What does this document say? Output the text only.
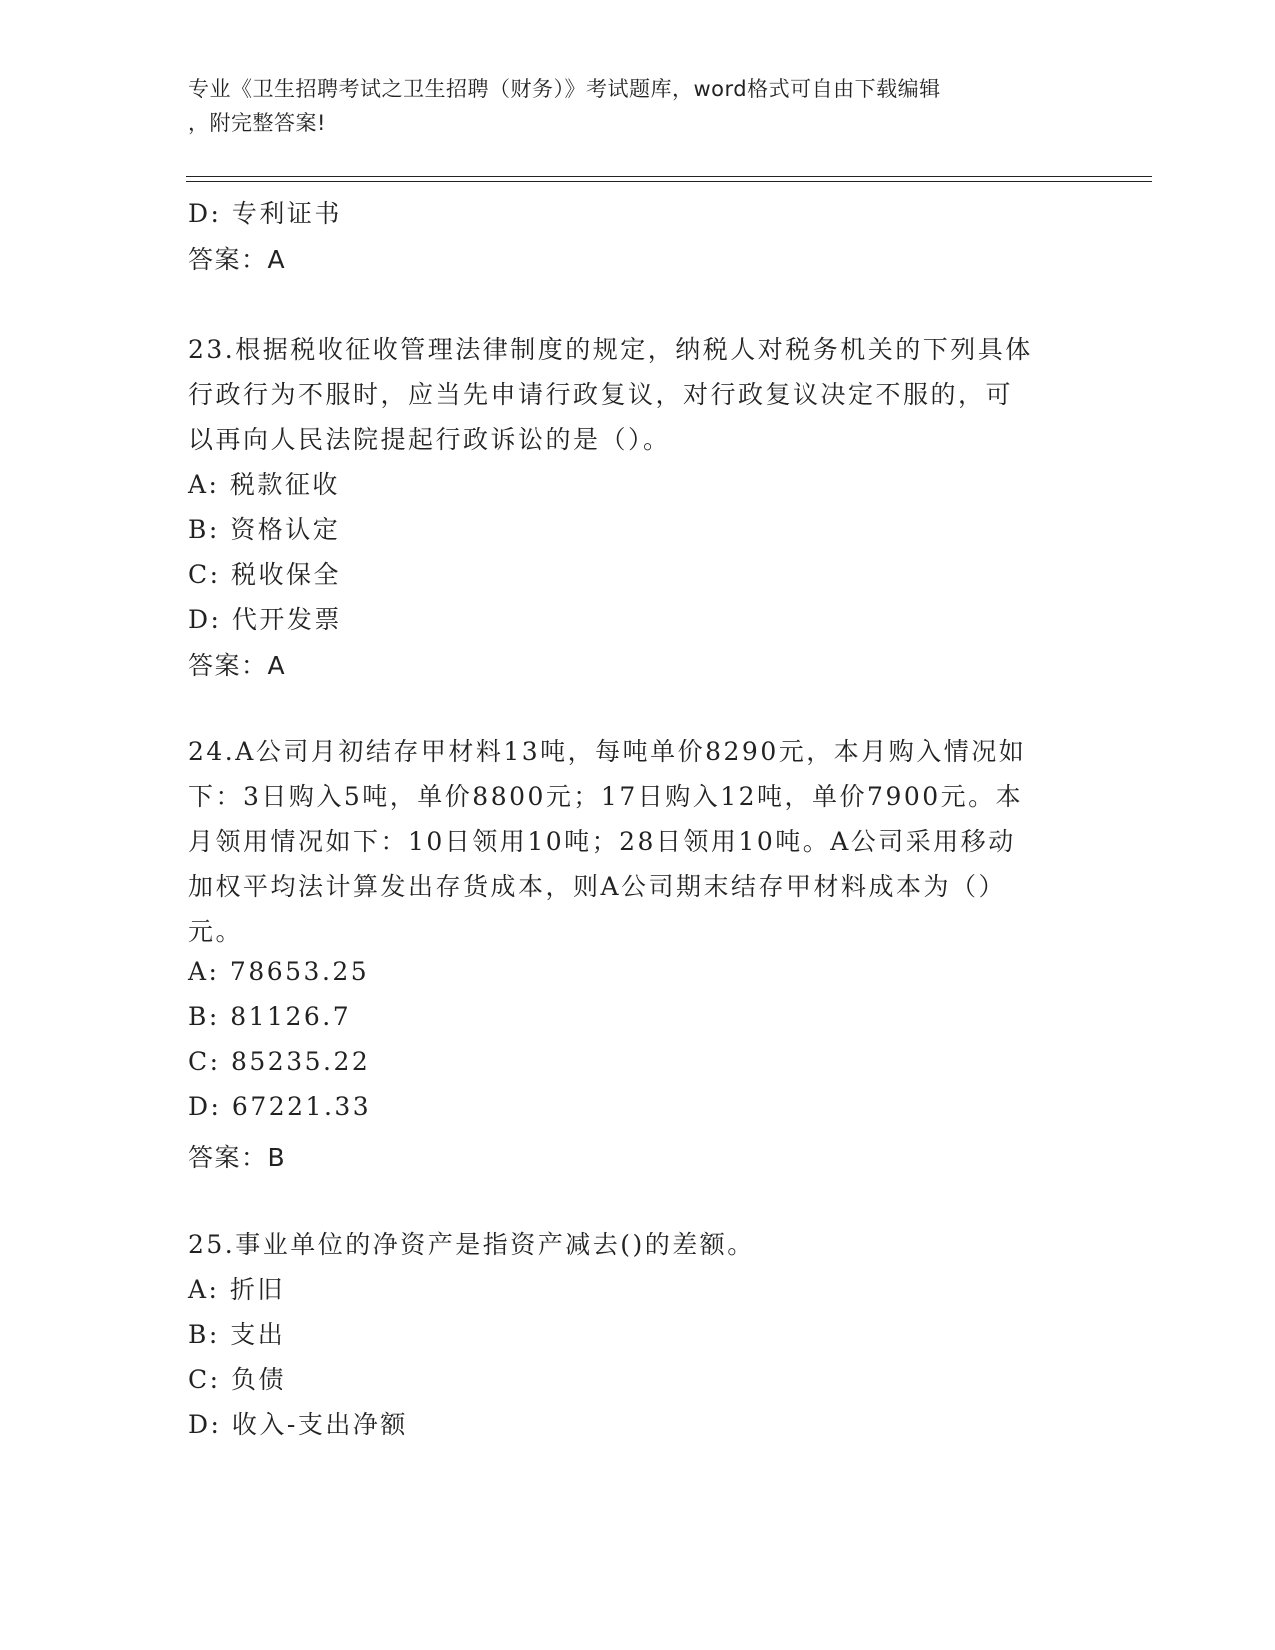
专业《卫生招聘考试之卫生招聘（财务）》考试题库，word格式可自由下载编辑
，附完整答案!
D: 专利证书
答案：A
23.根据税收征收管理法律制度的规定，纳税人对税务机关的下列具体
行政行为不服时，应当先申请行政复议，对行政复议决定不服的，可
以再向人民法院提起行政诉讼的是（）。
A: 税款征收
B: 资格认定
C: 税收保全
D: 代开发票
答案：A
24.A公司月初结存甲材料13吨，每吨单价8290元，本月购入情况如
下：3日购入5吨，单价8800元；17日购入12吨，单价7900元。本
月领用情况如下：10日领用10吨；28日领用10吨。A公司采用移动
加权平均法计算发出存货成本，则A公司期末结存甲材料成本为（）
元。
A: 78653.25
B: 81126.7
C: 85235.22
D: 67221.33
答案：B
25.事业单位的净资产是指资产减去()的差额。
A: 折旧
B: 支出
C: 负债
D: 收入-支出净额
